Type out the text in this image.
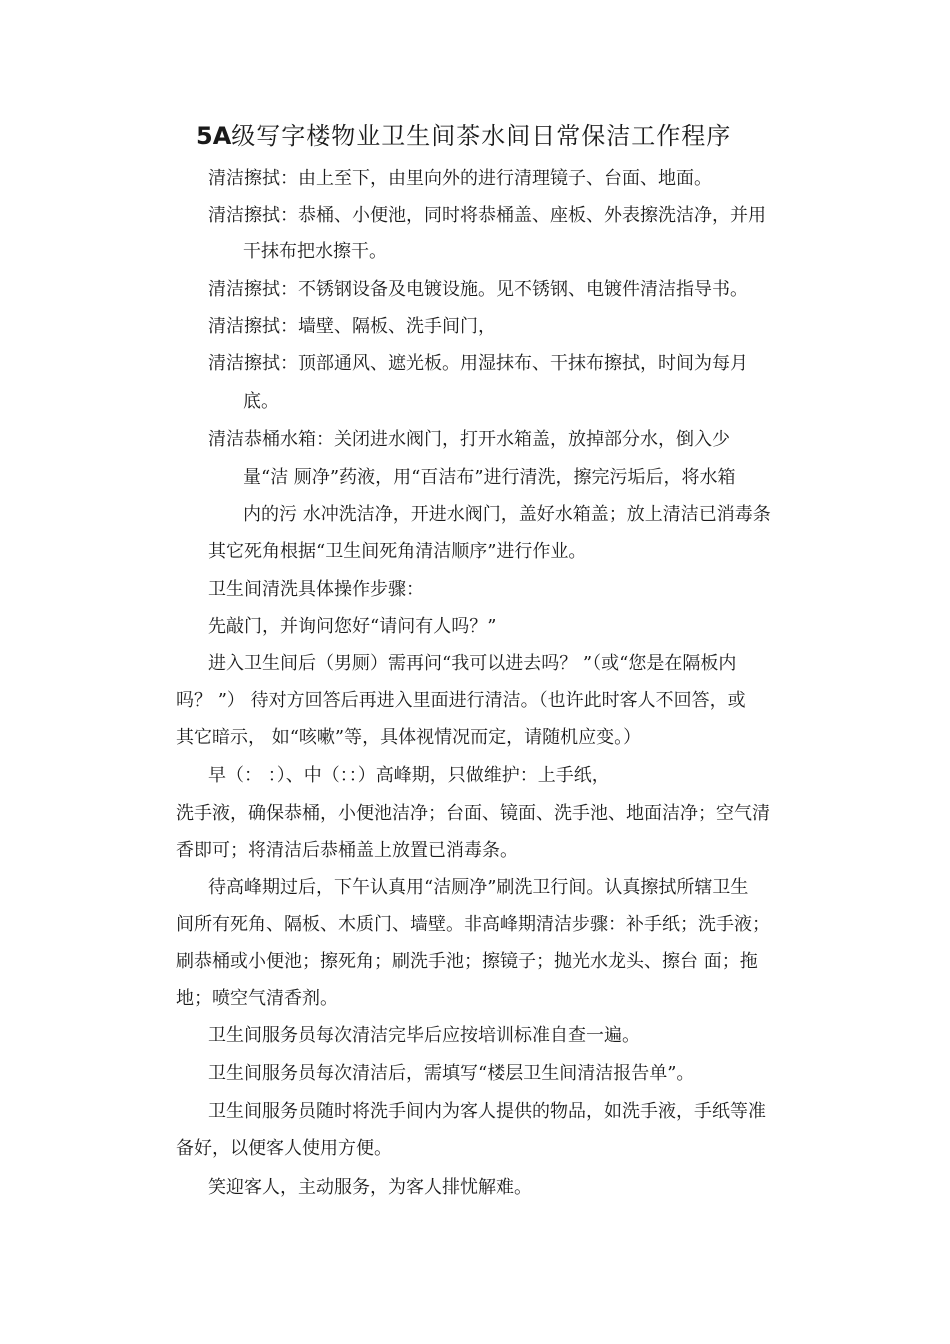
5A级写字楼物业卫生间茶水间日常保洁工作程序
清洁擦拭：由上至下，由里向外的进行清理镜子、台面、地面。
清洁擦拭：恭桶、小便池，同时将恭桶盖、座板、外表擦洗洁净，并用
干抹布把水擦干。
清洁擦拭：不锈钢设备及电镀设施。见不锈钢、电镀件清洁指导书。
清洁擦拭：墙壁、隔板、洗手间门，
清洁擦拭：顶部通风、遮光板。用湿抹布、干抹布擦拭，时间为每月
底。
清洁恭桶水箱：关闭进水阀门，打开水箱盖，放掉部分水，倒入少
量“洁 厕净”药液，用“百洁布”进行清洗，擦完污垢后，将水箱
内的污 水冲洗洁净，开进水阀门，盖好水箱盖；放上清洁已消毒条
其它死角根据“卫生间死角清洁顺序”进行作业。
卫生间清洗具体操作步骤：
先敲门，并询问您好“请问有人吗？”
进入卫生间后（男厕）需再问“我可以进去吗？ ”（或“您是在隔板内
吗？ ”） 待对方回答后再进入里面进行清洁。（也许此时客人不回答，或
其它暗示， 如“咳嗽”等，具体视情况而定，请随机应变。）
早（： ：）、中（：：）高峰期，只做维护：上手纸，
洗手液，确保恭桶，小便池洁净；台面、镜面、洗手池、地面洁净；空气清
香即可；将清洁后恭桶盖上放置已消毒条。
待高峰期过后，下午认真用“洁厕净”刷洗卫行间。认真擦拭所辖卫生
间所有死角、隔板、木质门、墙壁。非高峰期清洁步骤：补手纸；洗手液；
刷恭桶或小便池；擦死角；刷洗手池；擦镜子；抛光水龙头、擦台 面；拖
地；喷空气清香剂。
卫生间服务员每次清洁完毕后应按培训标准自查一遍。
卫生间服务员每次清洁后，需填写“楼层卫生间清洁报告单”。
卫生间服务员随时将洗手间内为客人提供的物品，如洗手液，手纸等准
备好，以便客人使用方便。
笑迎客人，主动服务，为客人排忧解难。
